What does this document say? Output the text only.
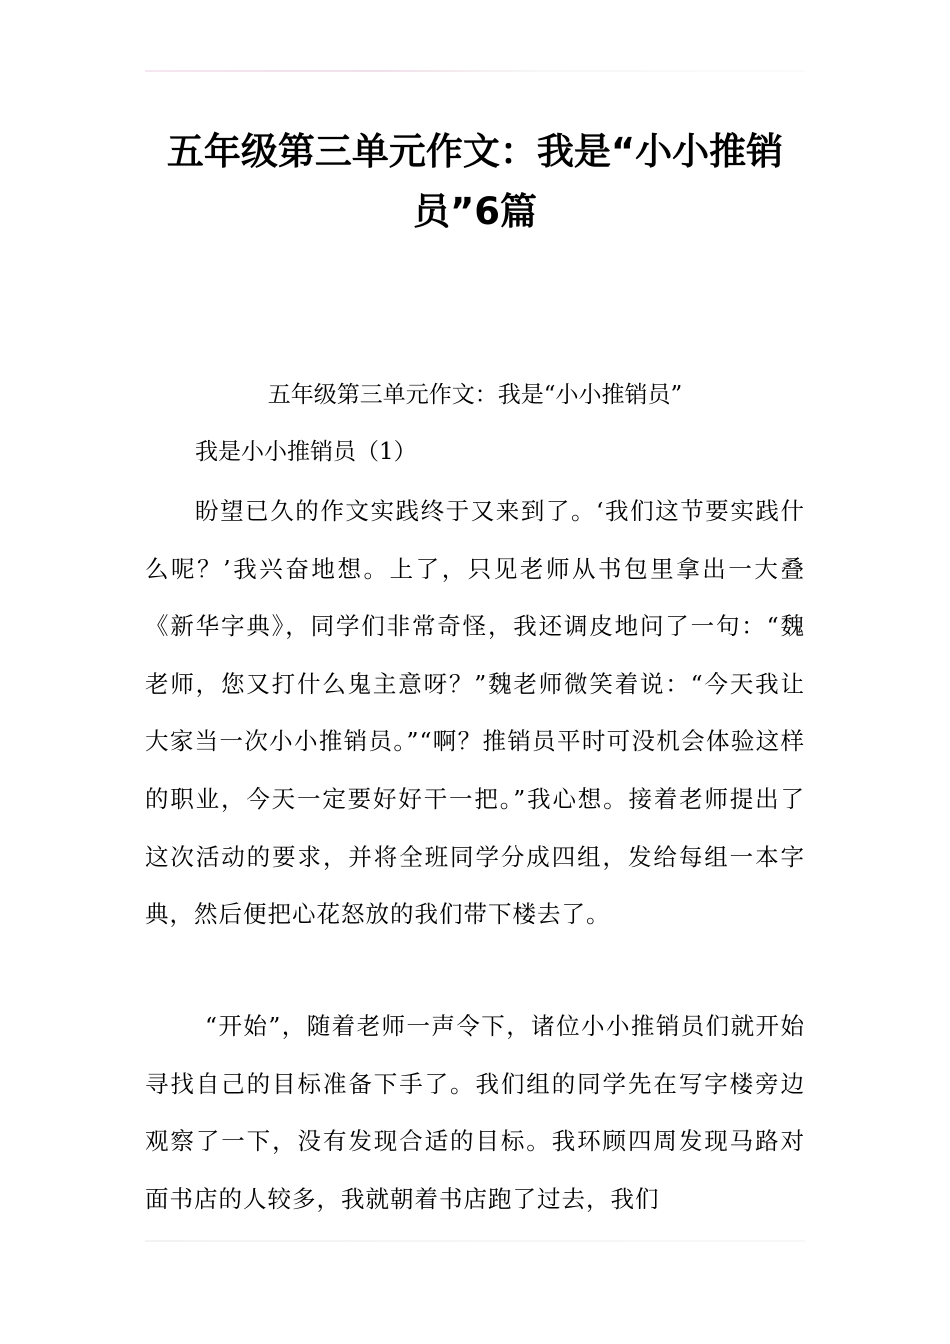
五年级第三单元作文：我是“小小推销员”6篇

五年级第三单元作文：我是“小小推销员”

我是小小推销员（1）

盼望已久的作文实践终于又来到了。‘我们这节要实践什么呢？’我兴奋地想。上了，只见老师从书包里拿出一大叠《新华字典》，同学们非常奇怪，我还调皮地问了一句：“魏老师，您又打什么鬼主意呀？”魏老师微笑着说：“今天我让大家当一次小小推销员。”“啊？推销员平时可没机会体验这样的职业，今天一定要好好干一把。”我心想。接着老师提出了这次活动的要求，并将全班同学分成四组，发给每组一本字典，然后便把心花怒放的我们带下楼去了。

“开始”，随着老师一声令下，诸位小小推销员们就开始寻找自己的目标准备下手了。我们组的同学先在写字楼旁边观察了一下，没有发现合适的目标。我环顾四周发现马路对面书店的人较多，我就朝着书店跑了过去，我们
